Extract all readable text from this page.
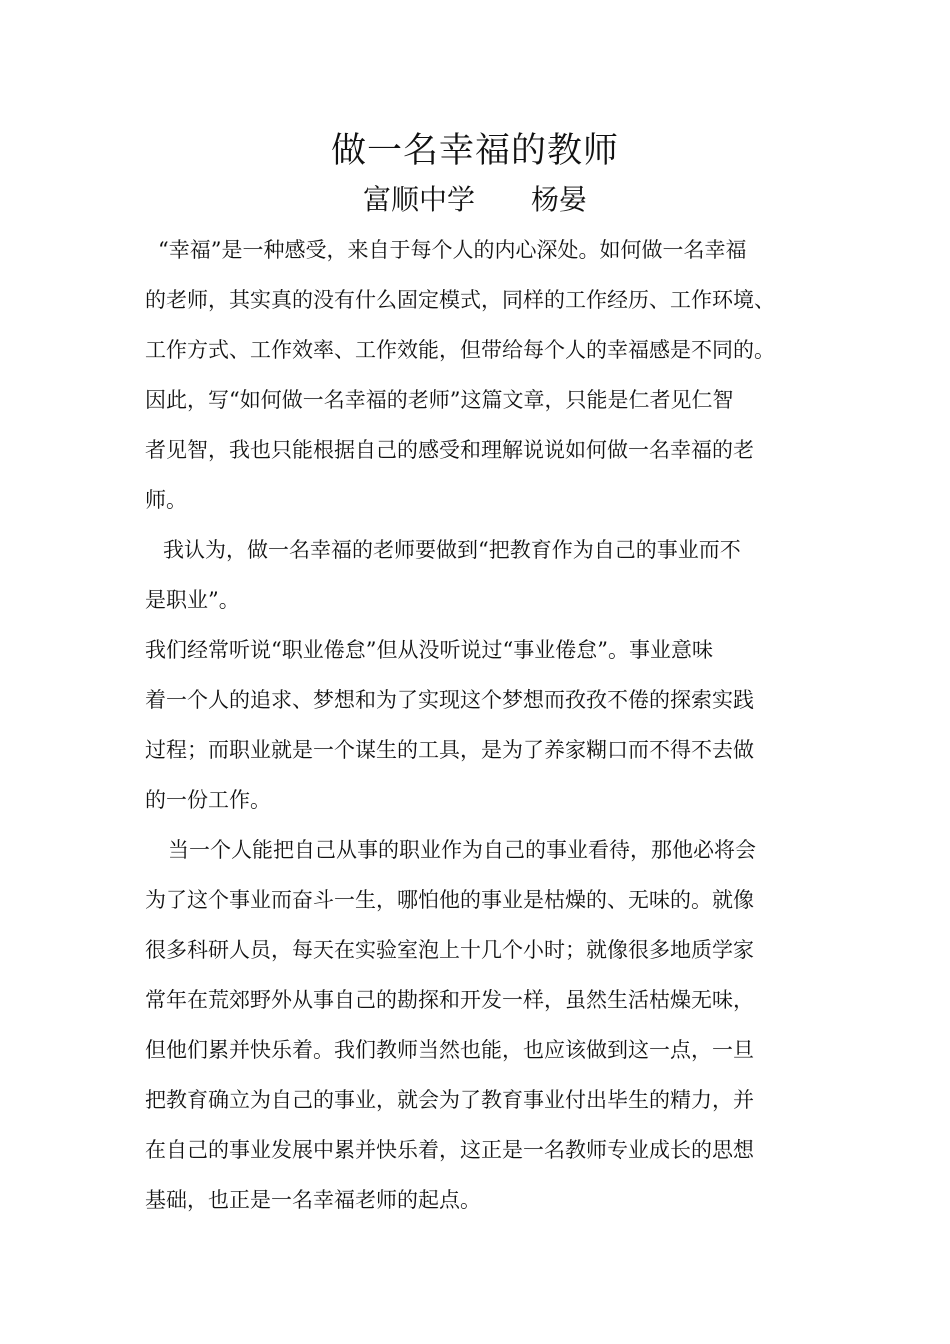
做一名幸福的教师

富顺中学 杨晏

“幸福”是一种感受，来自于每个人的内心深处。如何做一名幸福

的老师，其实真的没有什么固定模式，同样的工作经历、工作环境、

工作方式、工作效率、工作效能，但带给每个人的幸福感是不同的。

因此，写“如何做一名幸福的老师”这篇文章，只能是仁者见仁智

者见智，我也只能根据自己的感受和理解说说如何做一名幸福的老

师。

我认为，做一名幸福的老师要做到“把教育作为自己的事业而不

是职业”。

我们经常听说“职业倦怠”但从没听说过“事业倦怠”。事业意味

着一个人的追求、梦想和为了实现这个梦想而孜孜不倦的探索实践

过程；而职业就是一个谋生的工具，是为了养家糊口而不得不去做

的一份工作。

当一个人能把自己从事的职业作为自己的事业看待，那他必将会

为了这个事业而奋斗一生，哪怕他的事业是枯燥的、无味的。就像

很多科研人员，每天在实验室泡上十几个小时；就像很多地质学家

常年在荒郊野外从事自己的勘探和开发一样，虽然生活枯燥无味，

但他们累并快乐着。我们教师当然也能，也应该做到这一点，一旦

把教育确立为自己的事业，就会为了教育事业付出毕生的精力，并

在自己的事业发展中累并快乐着，这正是一名教师专业成长的思想

基础，也正是一名幸福老师的起点。
